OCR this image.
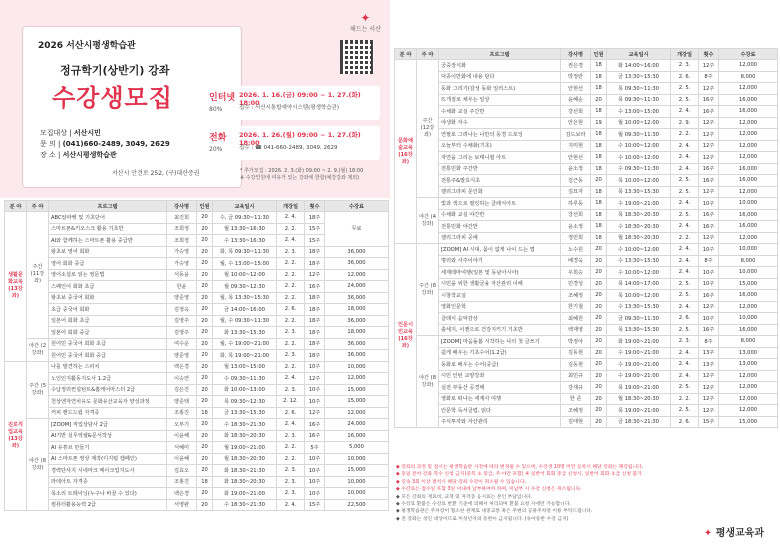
2026 서산시평생학습관
정규학기(상반기) 강좌
수강생모집
모집대상 | 서산시민
문 의 | (041)660-2489, 3049, 2629
장 소 | 서산시평생학습관
서산시 안견로 252, (구)대산증권
✦
해드는 서산
인터넷
80%
2026. 1. 16.(금) 09:00 ~ 1. 27.(화) 18:00
접수 : 서산시통합예약시스템(평생학습관)
전화
20%
2026. 1. 26.(월) 09:00 ~ 1. 27.(화) 18:00
접수 : ☎ 041-660-2489, 3049, 2629
* 추가모집 : 2026. 2. 3.(화) 09:00 ~ 2. 9.(월) 18:00
※ 수강인원에 여유가 있는 강좌에 한함(예강강좌 제외)
분 야	주 야	프로그램	강사명	인원	교육일시	개강일	횟수	수강료
생활문화교육 (13강좌)	주간 (11강좌)	ABC알파벳 및 기초단어	최진희	20	수, 금 09:30~11:30	2. 4.	18주	무료
		스마트폰&키오스크 활용 기초반	조희정	20	월 13:30~16:30	2. 2.	15주	
		AI와 함께하는 스마트폰 활용 중급반	조희정	20	수 13:30~16:30	2. 4.	15주	
		왕초보 영어 회화	가승영	20	화, 목 09:30~11:30	2. 3.	18주	36,000
		영어 회화 중급	가승영	20	월, 수 13:00~15:00	2. 2.	18주	36,000
		영어소설로 읽는 영문법	서동윤	20	월 10:00~12:00	2. 2.	12주	12,000
		스페인어 회화 초급	한윤	20	월 09:30~12:30	2. 2.	16주	24,000
		왕초보 중국어 회화	양준영	20	월, 목 13:30~15:30	2. 2.	18주	36,000
		초급 중국어 회화	김정옥	20	금 14:00~16:00	2. 6.	18주	18,000
		일본어 회화 초급	김영주	20	월, 수 09:30~11:30	2. 2.	18주	36,000
		일본어 회화 중급	김영주	20	화 13:30~15:30	2. 3.	18주	18,000
	야간 (2강좌)	원어민 중국어 회화 초급	여수운	20	월, 수 19:00~21:00	2. 2.	18주	36,000
		원어민 중국어 회화 중급	양준영	20	화, 목 19:00~21:00	2. 3.	18주	36,000
진로직업교육 (13강좌)	주간 (5강좌)	나를 발견하는 스피치	백은경	20	월 13:00~15:00	2. 2.	10주	10,000
		노인인지활동지도사 1.2급	이승연	20	수 09:30~11:30	2. 4.	12주	12,000
		수납정리컨설턴트&홈케어마스터 2급	김은진	20	화 10:00~13:00	2. 3.	10주	15,000
		천상엔자연치유도 문화유산교육자 양성과정	양준택	20	목 09:30~12:30	2. 12.	10주	15,000
		커피 핸드드립 자격증	조홍진	18	금 13:30~15:30	2. 6.	12주	12,000
	야간 (8강좌)	[ZOOM] 직업상담사 2급	오부기	20	수 18:30~21:30	2. 4.	16주	24,000
		AI기반 실무엑셀&문서작성	이윤혜	20	화 18:30~20:30	2. 3.	16주	16,000
		AI 유튜브 만들기	서혜미	20	월 19:00~21:00	2. 2.	5주	5,000
		AI 스마트폰 영상 제작(디지털 캠페인)	이윤혜	20	월 18:30~20:30	2. 2.	10주	10,000
		경력단사지 시네마크 메이크업지도사	김효오	20	화 18:30~21:30	2. 3.	10주	15,000
		라테아트 자격증	조홍진	18	화 18:30~20:30	2. 3.	10주	10,000
		목소리 트레이닝(누구나 바꿀 수 있다)	백은경	20	화 19:00~21:00	2. 3.	10주	10,000
		컴퓨터활용능력 2급	서영완	20	수 18:30~21:30	2. 4.	15주	22,500
분 야	주 야	프로그램	강사명	인원	교육일시	개강일	횟수	수강료
문화예술교육 (16강좌)	주간 (12강좌)	궁중장식화	권은경	18	화 14:00~16:00	2. 3.	12주	12,000
		덕종이만화에 내용 담다	박정란	18	금 13:30~15:30	2. 6.	8주	8,000
		동화 그리기(감성 동화 일러스트)	안현선	18	목 09:30~11:30	2. 5.	12주	12,000
		뜨개질로 채우는 일상	윤혜순	20	목 09:30~11:30	2. 5.	16주	16,000
		수채화 교실 주간반	강선희	18	수 13:00~15:00	2. 4.	16주	16,000
		야생화 자수	안은현	19	월 10:00~12:00	2. 9.	12주	12,000
		연필로 그려나는 나만의 동경 드로잉	김드보라	18	월 09:30~11:30	2. 2.	12주	12,000
		오늘부터 수채화(기초)	지미현	18	수 10:00~12:00	2. 4.	12주	12,000
		자연을 그리는 보태니컬 아트	안현선	18	수 10:00~12:00	2. 4.	12주	12,000
		전통민화 주간반	윤소정	18	수 09:30~11:30	2. 4.	16주	16,000
		전통주&발효식초	김근동	20	목 10:00~12:00	2. 5.	16주	16,000
		캘리그라피 문인화	김묘자	18	목 13:30~15:30	2. 5.	12주	12,000
	야간 (4강좌)	빛과 색으로 필링하는 클래식아트	하루동	18	수 19:00~21:00	2. 4.	10주	10,000
		수채화 교실 야간반	강선희	18	목 18:30~20:30	2. 5.	16주	16,000
		전통민화 야간반	윤소정	18	수 18:30~20:30	2. 4.	16주	16,000
		캘리그라피 공예	정민희	18	월 18:30~20:30	2. 2.	12주	12,000
인문시민교육 (16강좌)	주간 (8강좌)	[ZOOM] AI 시대, 몸이 없게 나이 드는 법	노수원	20	수 10:00~12:00	2. 4.	10주	10,000
		명리와 사주이야기	배경욱	20	수 13:30~15:30	2. 4.	8주	8,000
		세계테마여행(일본 및 동남아시아)	우희승	20	수 10:00~12:00	2. 4.	10주	10,000
		시민을 위한 생활금융 자산관리 이해	민경성	20	목 14:00~17:00	2. 5.	10주	15,000
		시창작교실	조혜정	20	목 10:00~12:00	2. 5.	16주	16,000
		영화인문학	한기철	20	수 13:30~15:30	2. 4.	12주	12,000
		클래식 음악감상	최혜원	20	금 09:30~11:30	2. 6.	10주	10,000
		출세지, 이젠으로 건강지키기 기초반	백재영	20	목 13:30~15:30	2. 5.	16주	16,000
	야간 (8강좌)	[ZOOM] 마음돌봄 시작하는 나의 첫 글쓰기	박정아	20	화 19:00~21:00	2. 3.	8주	8,000
		쉽게 배우는 기초수어(1.2급)	김동현	20	수 19:00~21:00	2. 4.	13주	13,000
		동화로 배우는 수어(중급)	김동현	20	수 19:00~21:00	2. 4.	13주	13,000
		시민 인턴 교양강좌	최민규	20	수 19:00~21:00	2. 4.	12주	12,000
		실전 부동산 공경매	강재규	20	목 19:00~21:00	2. 5.	12주	12,000
		영화로 떠나는 세계사 여행	한 준	20	월 18:30~20:30	2. 2.	12주	12,000
		인문학 독서클럽, 읽다	조혜정	20	목 19:00~21:00	2. 5.	12주	12,000
		주식투자와 자산관리	김태현	20	금 18:30~21:30	2. 6.	15주	15,000
◆ 강좌의 과정 및 접시는 평생학습관 사정에 따라 변경될 수 있으며, 수강생 10명 미만 등록시 해당 강좌는 폐강됩니다.
◆ 동일 분야 강좌 복수 신청 금지(중복 초 중급, 주·야간 포함) ※ 일반어 회화 중급 신청시, 일반어 회화 초급 신청 불가
◆ 연속 3회 이상 결석시 해당 강좌 수강이 취소될 수 있습니다.
◆ 수강료는 접수일 포함 3일 이내에 납부하여야 하며, 미납부 시 수강 신청은 취소됩니다.
◆ 모든 강좌의 재료비, 교재 및 자격증 응시료는 본인 부담입니다.
◆ 수강료 환불은 수강료 반환 기준에 의해서 처리되며 환불 요청 시에만 가능합니다.
◆ 평생학습관은 주차장이 협소한 관계로 대중교통 혹은 주변의 공용주차장 이용 부탁드립니다.
◆ 전 강좌는 성인 대상이므로 미성년자의 동반이 금지됩니다. (유아동반 수강 금지)
✦ 평생교육과
